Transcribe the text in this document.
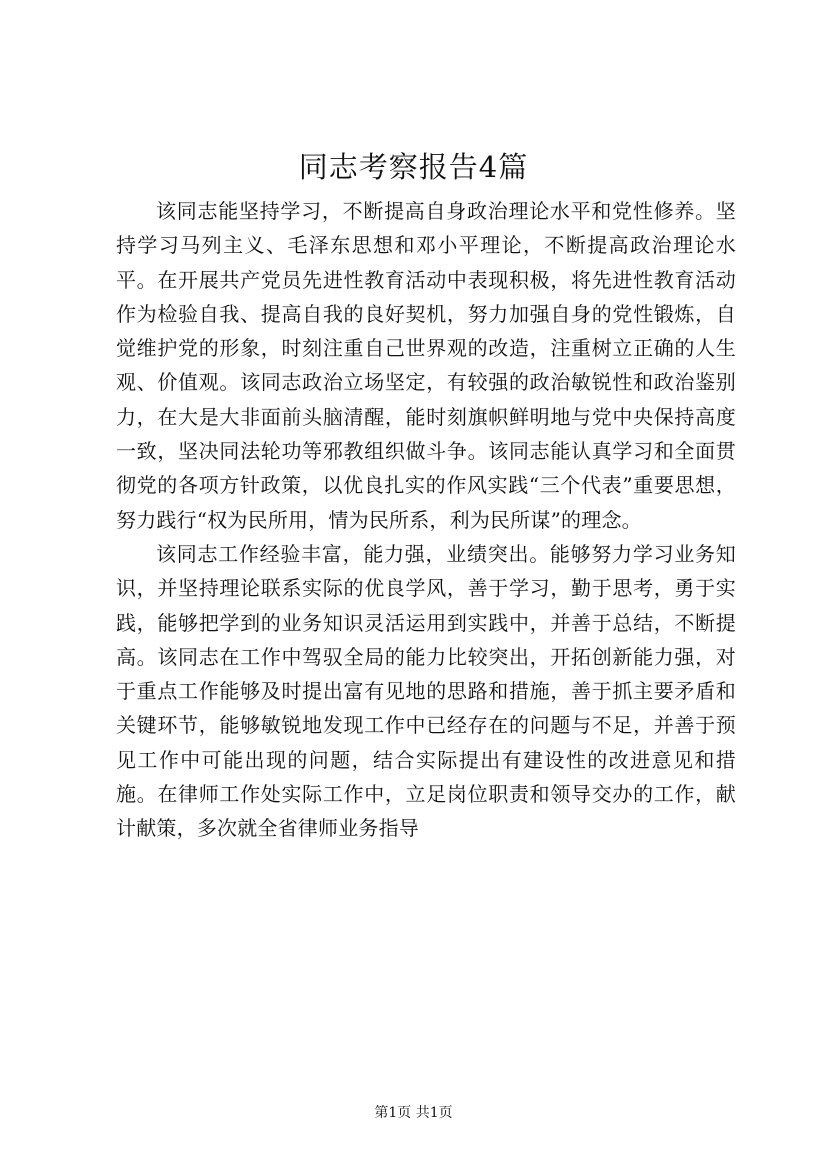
同志考察报告4篇

该同志能坚持学习，不断提高自身政治理论水平和党性修养。坚持学习马列主义、毛泽东思想和邓小平理论，不断提高政治理论水平。在开展共产党员先进性教育活动中表现积极，将先进性教育活动作为检验自我、提高自我的良好契机，努力加强自身的党性锻炼，自觉维护党的形象，时刻注重自己世界观的改造，注重树立正确的人生观、价值观。该同志政治立场坚定，有较强的政治敏锐性和政治鉴别力，在大是大非面前头脑清醒，能时刻旗帜鲜明地与党中央保持高度一致，坚决同法轮功等邪教组织做斗争。该同志能认真学习和全面贯彻党的各项方针政策，以优良扎实的作风实践“三个代表”重要思想，努力践行“权为民所用，情为民所系，利为民所谋”的理念。

该同志工作经验丰富，能力强，业绩突出。能够努力学习业务知识，并坚持理论联系实际的优良学风，善于学习，勤于思考，勇于实践，能够把学到的业务知识灵活运用到实践中，并善于总结，不断提高。该同志在工作中驾驭全局的能力比较突出，开拓创新能力强，对于重点工作能够及时提出富有见地的思路和措施，善于抓主要矛盾和关键环节，能够敏锐地发现工作中已经存在的问题与不足，并善于预见工作中可能出现的问题，结合实际提出有建设性的改进意见和措施。在律师工作处实际工作中，立足岗位职责和领导交办的工作，献计献策，多次就全省律师业务指导

第1页 共1页
